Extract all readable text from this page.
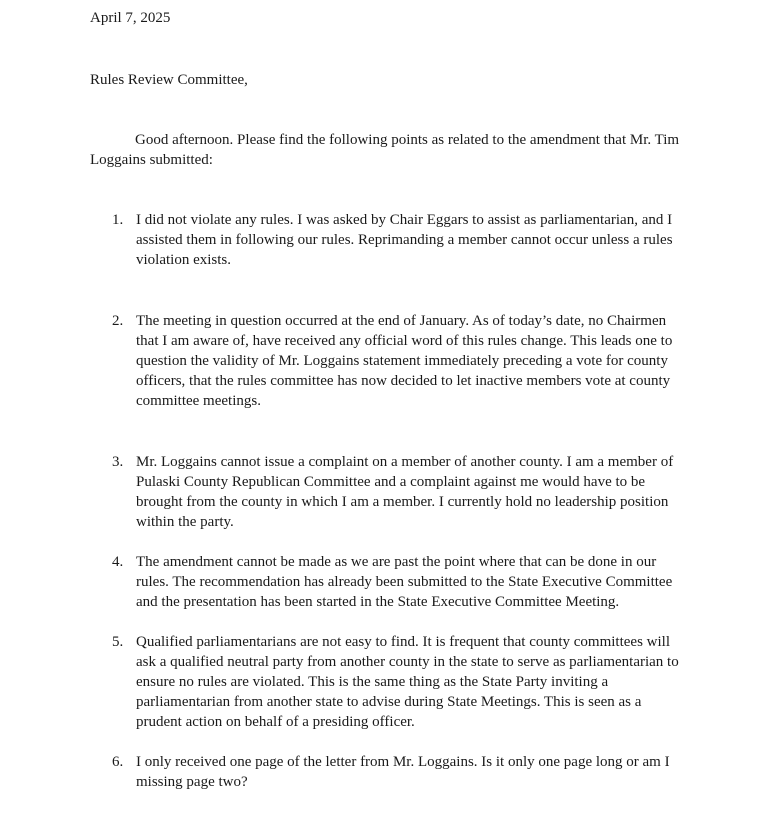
April 7, 2025
Rules Review Committee,

Good afternoon. Please find the following points as related to the amendment that Mr. Tim Loggains submitted:

1. I did not violate any rules. I was asked by Chair Eggars to assist as parliamentarian, and I assisted them in following our rules. Reprimanding a member cannot occur unless a rules violation exists.
2. The meeting in question occurred at the end of January. As of today’s date, no Chairmen that I am aware of, have received any official word of this rules change. This leads one to question the validity of Mr. Loggains statement immediately preceding a vote for county officers, that the rules committee has now decided to let inactive members vote at county committee meetings.
3. Mr. Loggains cannot issue a complaint on a member of another county. I am a member of Pulaski County Republican Committee and a complaint against me would have to be brought from the county in which I am a member. I currently hold no leadership position within the party.
4. The amendment cannot be made as we are past the point where that can be done in our rules. The recommendation has already been submitted to the State Executive Committee and the presentation has been started in the State Executive Committee Meeting.
5. Qualified parliamentarians are not easy to find. It is frequent that county committees will ask a qualified neutral party from another county in the state to serve as parliamentarian to ensure no rules are violated. This is the same thing as the State Party inviting a parliamentarian from another state to advise during State Meetings. This is seen as a prudent action on behalf of a presiding officer.
6. I only received one page of the letter from Mr. Loggains. Is it only one page long or am I missing page two?
